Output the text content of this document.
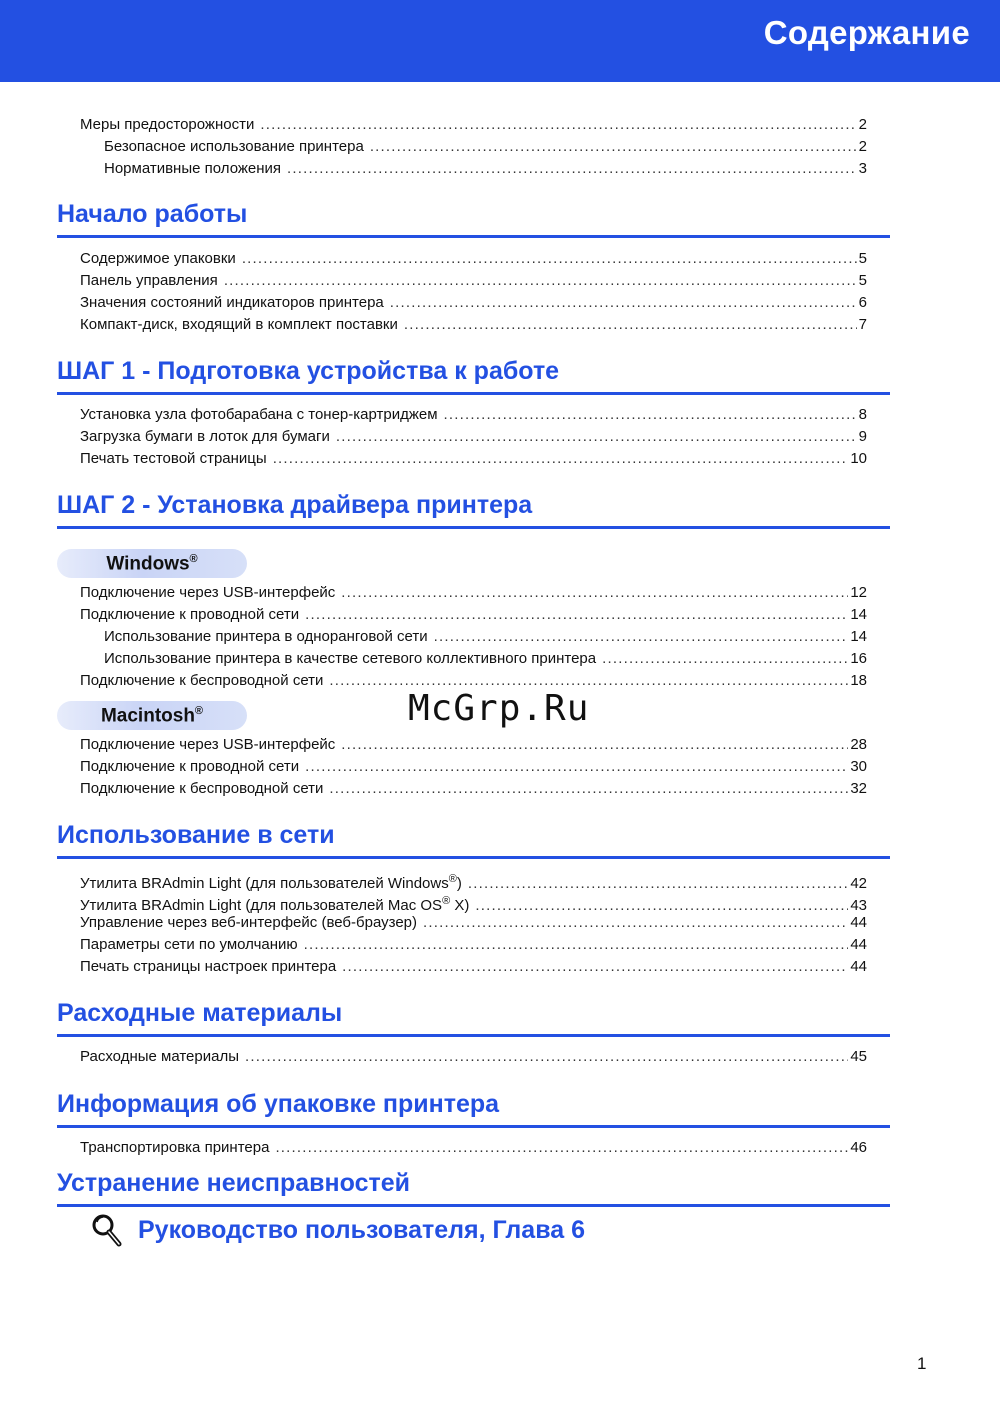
Содержание
Меры предосторожности .....	2
Безопасное использование принтера .....	2
Нормативные положения .....	3
Начало работы
Содержимое упаковки .....	5
Панель управления .....	5
Значения состояний индикаторов принтера .....	6
Компакт-диск, входящий в комплект поставки .....	7
ШАГ 1 - Подготовка устройства к работе
Установка узла фотобарабана с тонер-картриджем .....	8
Загрузка бумаги в лоток для бумаги .....	9
Печать тестовой страницы .....	10
ШАГ 2 - Установка драйвера принтера
Windows®
Подключение через USB-интерфейс .....	12
Подключение к проводной сети .....	14
Использование принтера в одноранговой сети .....	14
Использование принтера в качестве сетевого коллективного принтера .....	16
Подключение к беспроводной сети .....	18
Macintosh®
Подключение через USB-интерфейс .....	28
Подключение к проводной сети .....	30
Подключение к беспроводной сети .....	32
Использование в сети
Утилита BRAdmin Light (для пользователей Windows®) .....	42
Утилита BRAdmin Light (для пользователей Mac OS® X) .....	43
Управление через веб-интерфейс (веб-браузер) .....	44
Параметры сети по умолчанию .....	44
Печать страницы настроек принтера .....	44
Расходные материалы
Расходные материалы .....	45
Информация об упаковке принтера
Транспортировка принтера .....	46
Устранение неисправностей
Руководство пользователя, Глава 6
McGrp.Ru
1
